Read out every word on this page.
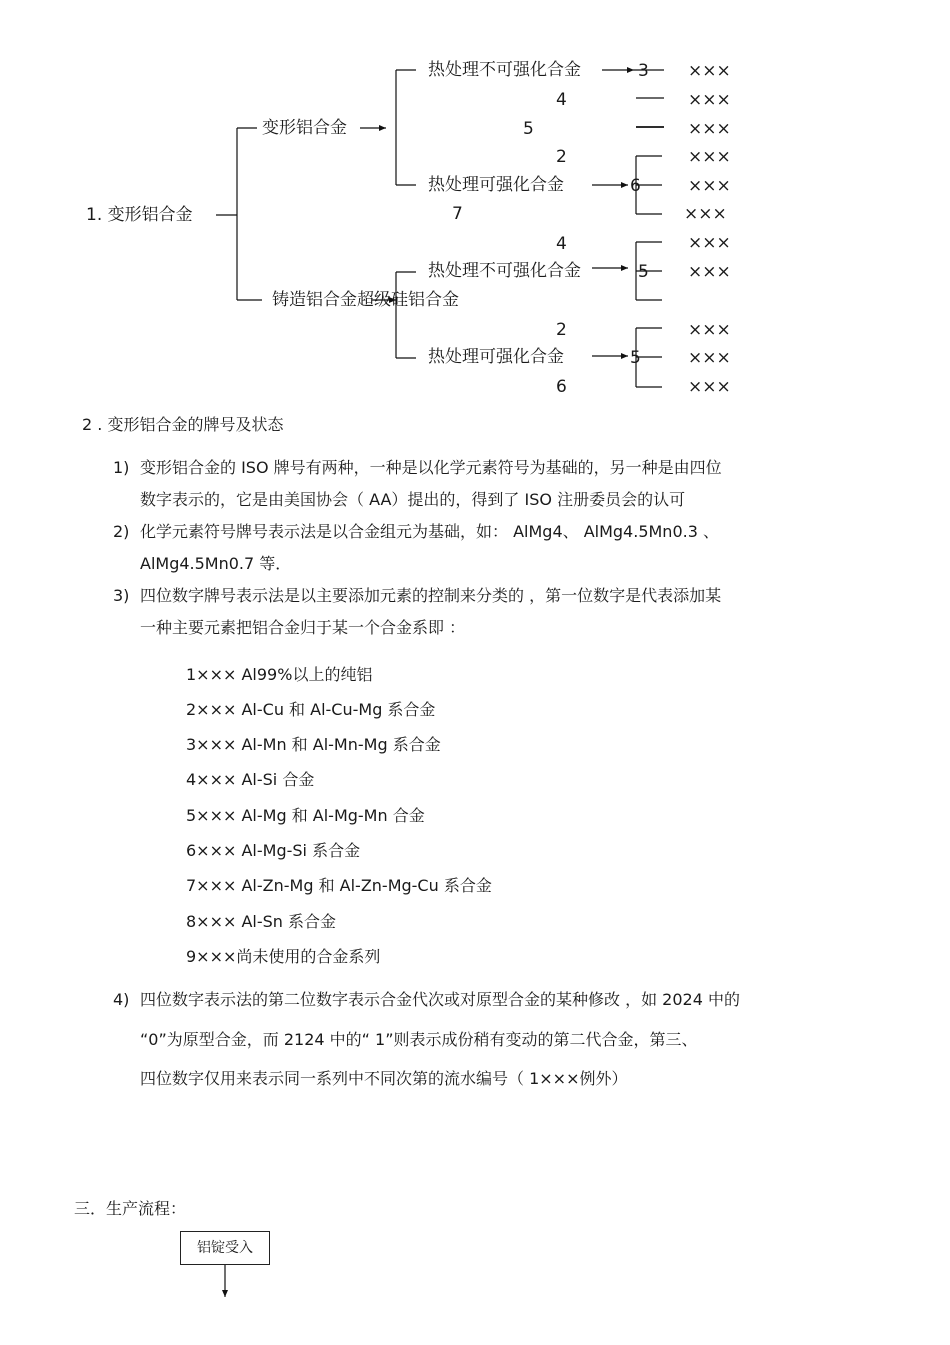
1. 变形铝合金
变形铝合金
铸造铝合金超级硅铝合金
热处理不可强化合金
热处理可强化合金
热处理不可强化合金
热处理可强化合金
3
4
5
2
6
7
4
5
2
5
6
×××
×××
×××
×××
×××
×××
×××
×××
×××
×××
×××
2 . 变形铝合金的牌号及状态
1) 变形铝合金的 ISO 牌号有两种，一种是以化学元素符号为基础的，另一种是由四位
数字表示的，它是由美国协会（ AA）提出的，得到了 ISO 注册委员会的认可
2) 化学元素符号牌号表示法是以合金组元为基础，如： AlMg4、 AlMg4.5Mn0.3 、
AlMg4.5Mn0.7 等．
3) 四位数字牌号表示法是以主要添加元素的控制来分类的 ，第一位数字是代表添加某
一种主要元素把铝合金归于某一个合金系即 ：
1××× Al99%以上的纯铝
2××× Al-Cu 和 Al-Cu-Mg 系合金
3××× Al-Mn 和 Al-Mn-Mg 系合金
4××× Al-Si 合金
5××× Al-Mg 和 Al-Mg-Mn 合金
6××× Al-Mg-Si 系合金
7××× Al-Zn-Mg 和 Al-Zn-Mg-Cu 系合金
8××× Al-Sn 系合金
9×××尚未使用的合金系列
4) 四位数字表示法的第二位数字表示合金代次或对原型合金的某种修改 ，如 2024 中的
“0”为原型合金，而 2124 中的“ 1”则表示成份稍有变动的第二代合金，第三、
四位数字仅用来表示同一系列中不同次第的流水编号（ 1×××例外）
三．生产流程：
铝锭受入
